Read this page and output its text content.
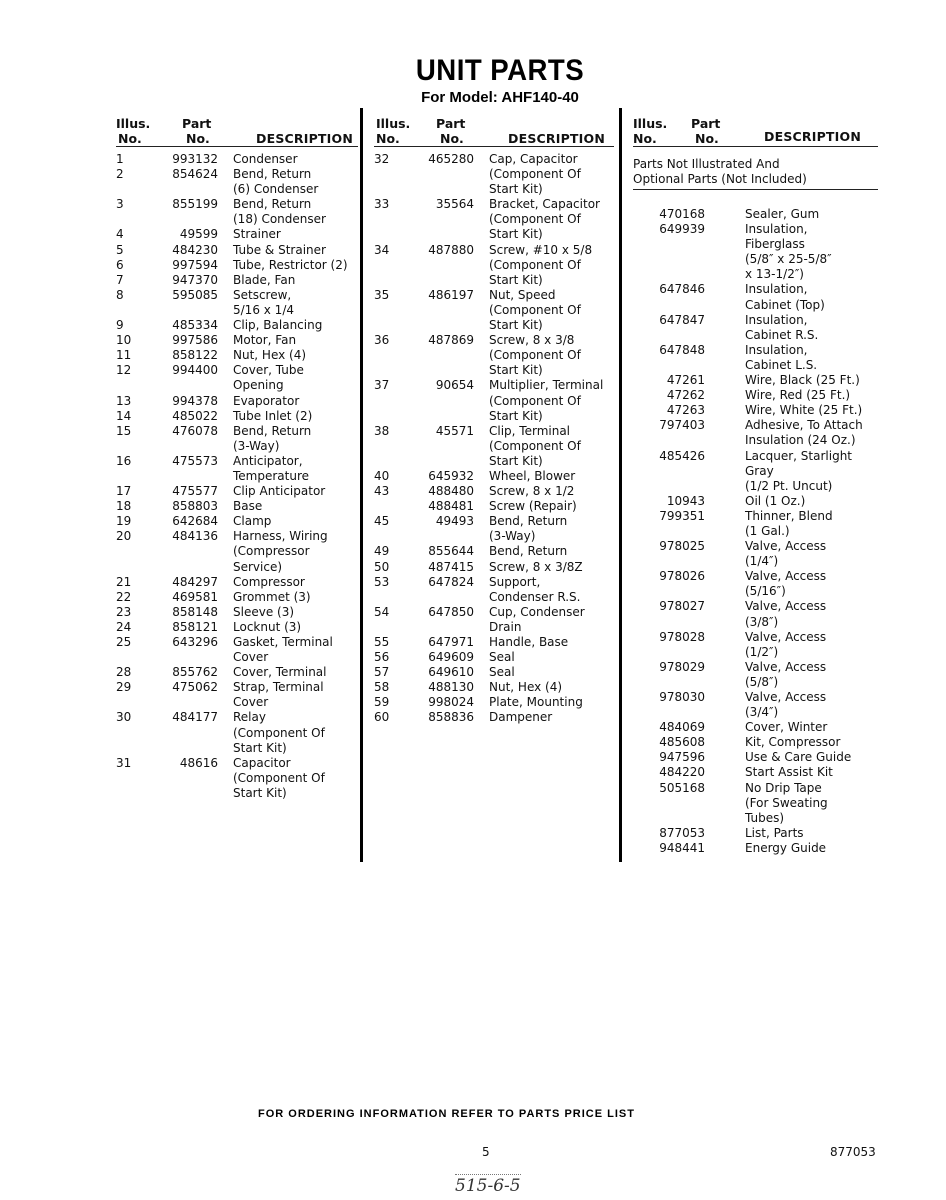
UNIT PARTS
For Model: AHF140-40
Illus.
No.
Part
No.	DESCRIPTION
1	993132 Condenser
2	854624 Bend, Return
(6) Condenser
3	855199 Bend, Return
(18) Condenser
4	49599 Strainer
5	484230 Tube & Strainer
6	997594 Tube, Restrictor (2)
7	947370 Blade, Fan
8	595085 Setscrew,
5/16 x 1/4
9	485334 Clip, Balancing
10	997586 Motor, Fan
11	858122 Nut, Hex (4)
12	994400 Cover, Tube
Opening
13	994378 Evaporator
14	485022 Tube Inlet (2)
15	476078 Bend, Return
(3-Way)
16	475573 Anticipator,
Temperature
17	475577 Clip Anticipator
18	858803 Base
19	642684 Clamp
20	484136 Harness, Wiring
(Compressor
Service)
21	484297 Compressor
22	469581 Grommet (3)
23	858148 Sleeve (3)
24	858121 Locknut (3)
25	643296 Gasket, Terminal
Cover
28	855762 Cover, Terminal
29	475062 Strap, Terminal
Cover
30	484177 Relay
(Component Of
Start Kit)
31	48616 Capacitor
(Component Of
Start Kit)
Illus.
No.
Part
No.	DESCRIPTION
32	465280 Cap, Capacitor
(Component Of
Start Kit)
33	35564 Bracket, Capacitor
(Component Of
Start Kit)
34	487880 Screw, #10 x 5/8
(Component Of
Start Kit)
35	486197 Nut, Speed
(Component Of
Start Kit)
36	487869 Screw, 8 x 3/8
(Component Of
Start Kit)
37	90654 Multiplier, Terminal
(Component Of
Start Kit)
38	45571 Clip, Terminal
(Component Of
Start Kit)
40	645932 Wheel, Blower
43	488480 Screw, 8 x 1/2
488481 Screw (Repair)
45	49493 Bend, Return
(3-Way)
49	855644 Bend, Return
50	487415 Screw, 8 x 3/8Z
53	647824 Support,
Condenser R.S.
54	647850 Cup, Condenser
Drain
55	647971 Handle, Base
56	649609 Seal
57	649610 Seal
58	488130 Nut, Hex (4)
59	998024 Plate, Mounting
60	858836 Dampener
Illus.
No.
Part
No.	DESCRIPTION
Parts Not Illustrated And
Optional Parts (Not Included)
470168	Sealer, Gum
649939	Insulation,
Fiberglass
(5/8″ x 25-5/8″
x 13-1/2″)
647846	Insulation,
Cabinet (Top)
647847	Insulation,
Cabinet R.S.
647848	Insulation,
Cabinet L.S.
47261	Wire, Black (25 Ft.)
47262	Wire, Red (25 Ft.)
47263	Wire, White (25 Ft.)
797403	Adhesive, To Attach
Insulation (24 Oz.)
485426	Lacquer, Starlight
Gray
(1/2 Pt. Uncut)
10943	Oil (1 Oz.)
799351	Thinner, Blend
(1 Gal.)
978025	Valve, Access
(1/4″)
978026	Valve, Access
(5/16″)
978027	Valve, Access
(3/8″)
978028	Valve, Access
(1/2″)
978029	Valve, Access
(5/8″)
978030	Valve, Access
(3/4″)
484069	Cover, Winter
485608	Kit, Compressor
947596	Use & Care Guide
484220	Start Assist Kit
505168	No Drip Tape
(For Sweating
Tubes)
877053	List, Parts
948441	Energy Guide
FOR ORDERING INFORMATION REFER TO PARTS PRICE LIST
5	877053
515-6-5
